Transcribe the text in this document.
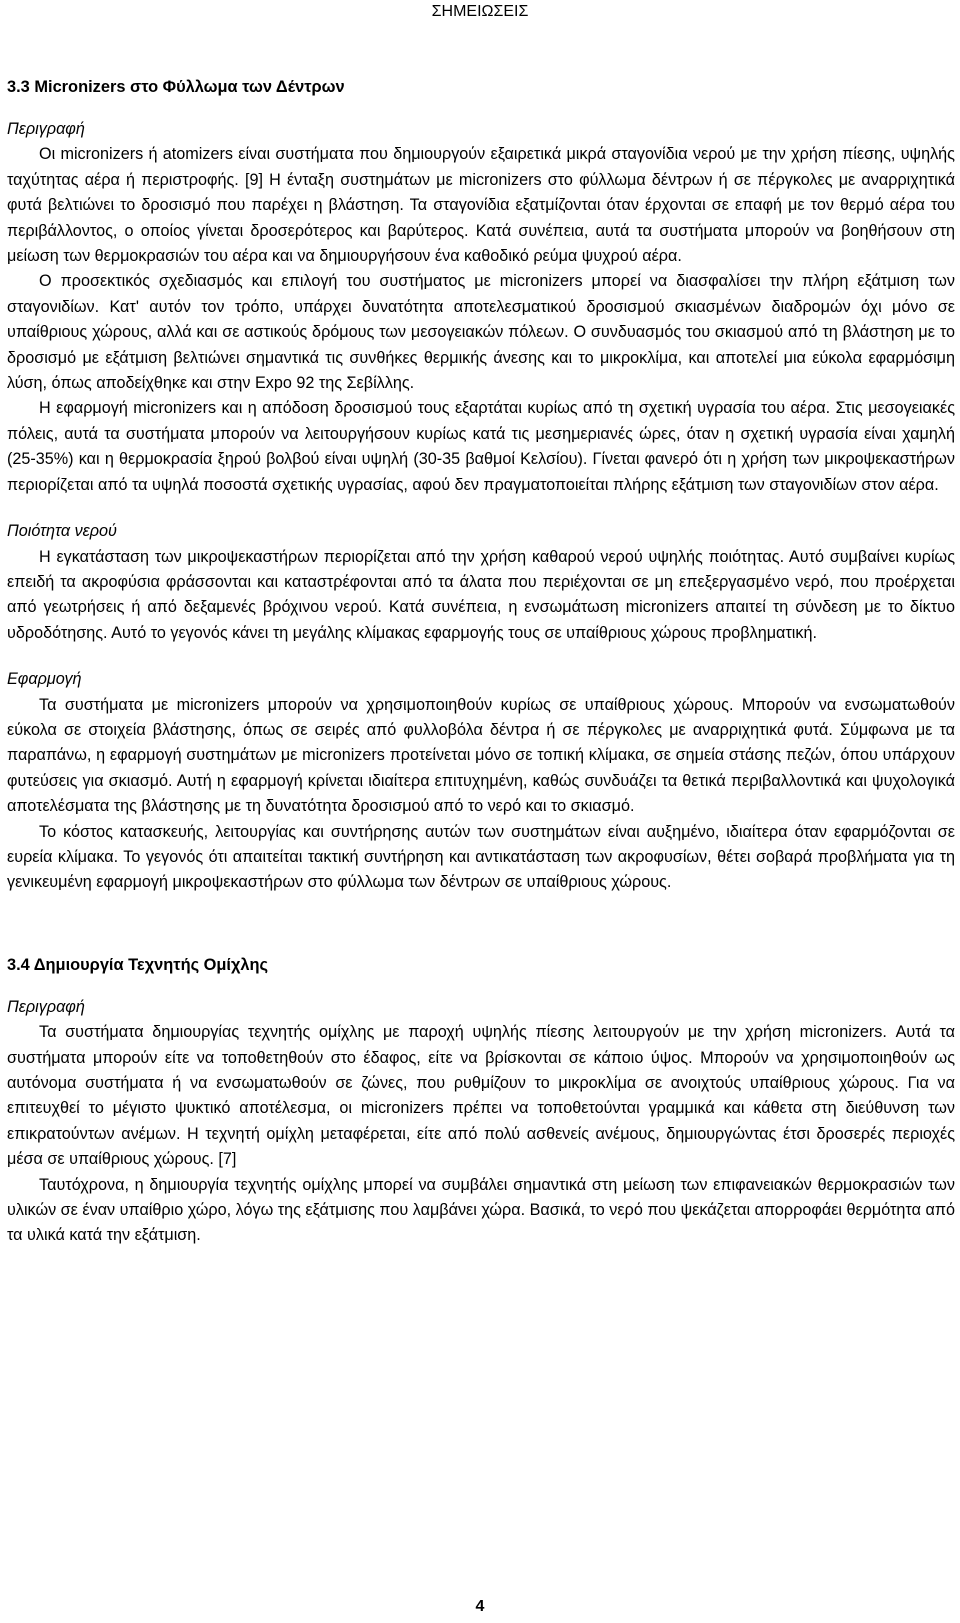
ΣΗΜΕΙΩΣΕΙΣ
3.3 Micronizers στο Φύλλωμα των Δέντρων
Περιγραφή

Οι micronizers ή atomizers είναι συστήματα που δημιουργούν εξαιρετικά μικρά σταγονίδια νερού με την χρήση πίεσης, υψηλής ταχύτητας αέρα ή περιστροφής. [9] Η ένταξη συστημάτων με micronizers στο φύλλωμα δέντρων ή σε πέργκολες με αναρριχητικά φυτά βελτιώνει το δροσισμό που παρέχει η βλάστηση. Τα σταγονίδια εξατμίζονται όταν έρχονται σε επαφή με τον θερμό αέρα του περιβάλλοντος, ο οποίος γίνεται δροσερότερος και βαρύτερος. Κατά συνέπεια, αυτά τα συστήματα μπορούν να βοηθήσουν στη μείωση των θερμοκρασιών του αέρα και να δημιουργήσουν ένα καθοδικό ρεύμα ψυχρού αέρα.

Ο προσεκτικός σχεδιασμός και επιλογή του συστήματος με micronizers μπορεί να διασφαλίσει την πλήρη εξάτμιση των σταγονιδίων. Κατ' αυτόν τον τρόπο, υπάρχει δυνατότητα αποτελεσματικού δροσισμού σκιασμένων διαδρομών όχι μόνο σε υπαίθριους χώρους, αλλά και σε αστικούς δρόμους των μεσογειακών πόλεων. Ο συνδυασμός του σκιασμού από τη βλάστηση με το δροσισμό με εξάτμιση βελτιώνει σημαντικά τις συνθήκες θερμικής άνεσης και το μικροκλίμα, και αποτελεί μια εύκολα εφαρμόσιμη λύση, όπως αποδείχθηκε και στην Expo 92 της Σεβίλλης.

Η εφαρμογή micronizers και η απόδοση δροσισμού τους εξαρτάται κυρίως από τη σχετική υγρασία του αέρα. Στις μεσογειακές πόλεις, αυτά τα συστήματα μπορούν να λειτουργήσουν κυρίως κατά τις μεσημεριανές ώρες, όταν η σχετική υγρασία είναι χαμηλή (25-35%) και η θερμοκρασία ξηρού βολβού είναι υψηλή (30-35 βαθμοί Κελσίου). Γίνεται φανερό ότι η χρήση των μικροψεκαστήρων περιορίζεται από τα υψηλά ποσοστά σχετικής υγρασίας, αφού δεν πραγματοποιείται πλήρης εξάτμιση των σταγονιδίων στον αέρα.

Ποιότητα νερού

Η εγκατάσταση των μικροψεκαστήρων περιορίζεται από την χρήση καθαρού νερού υψηλής ποιότητας. Αυτό συμβαίνει κυρίως επειδή τα ακροφύσια φράσσονται και καταστρέφονται από τα άλατα που περιέχονται σε μη επεξεργασμένο νερό, που προέρχεται από γεωτρήσεις ή από δεξαμενές βρόχινου νερού. Κατά συνέπεια, η ενσωμάτωση micronizers απαιτεί τη σύνδεση με το δίκτυο υδροδότησης. Αυτό το γεγονός κάνει τη μεγάλης κλίμακας εφαρμογής τους σε υπαίθριους χώρους προβληματική.

Εφαρμογή

Τα συστήματα με micronizers μπορούν να χρησιμοποιηθούν κυρίως σε υπαίθριους χώρους. Μπορούν να ενσωματωθούν εύκολα σε στοιχεία βλάστησης, όπως σε σειρές από φυλλοβόλα δέντρα ή σε πέργκολες με αναρριχητικά φυτά. Σύμφωνα με τα παραπάνω, η εφαρμογή συστημάτων με micronizers προτείνεται μόνο σε τοπική κλίμακα, σε σημεία στάσης πεζών, όπου υπάρχουν φυτεύσεις για σκιασμό. Αυτή η εφαρμογή κρίνεται ιδιαίτερα επιτυχημένη, καθώς συνδυάζει τα θετικά περιβαλλοντικά και ψυχολογικά αποτελέσματα της βλάστησης με τη δυνατότητα δροσισμού από το νερό και το σκιασμό.

Το κόστος κατασκευής, λειτουργίας και συντήρησης αυτών των συστημάτων είναι αυξημένο, ιδιαίτερα όταν εφαρμόζονται σε ευρεία κλίμακα. Το γεγονός ότι απαιτείται τακτική συντήρηση και αντικατάσταση των ακροφυσίων, θέτει σοβαρά προβλήματα για τη γενικευμένη εφαρμογή μικροψεκαστήρων στο φύλλωμα των δέντρων σε υπαίθριους χώρους.

3.4 Δημιουργία Τεχνητής Ομίχλης
Περιγραφή

Τα συστήματα δημιουργίας τεχνητής ομίχλης με παροχή υψηλής πίεσης λειτουργούν με την χρήση micronizers. Αυτά τα συστήματα μπορούν είτε να τοποθετηθούν στο έδαφος, είτε να βρίσκονται σε κάποιο ύψος. Μπορούν να χρησιμοποιηθούν ως αυτόνομα συστήματα ή να ενσωματωθούν σε ζώνες, που ρυθμίζουν το μικροκλίμα σε ανοιχτούς υπαίθριους χώρους. Για να επιτευχθεί το μέγιστο ψυκτικό αποτέλεσμα, οι micronizers πρέπει να τοποθετούνται γραμμικά και κάθετα στη διεύθυνση των επικρατούντων ανέμων. Η τεχνητή ομίχλη μεταφέρεται, είτε από πολύ ασθενείς ανέμους, δημιουργώντας έτσι δροσερές περιοχές μέσα σε υπαίθριους χώρους. [7]

Ταυτόχρονα, η δημιουργία τεχνητής ομίχλης μπορεί να συμβάλει σημαντικά στη μείωση των επιφανειακών θερμοκρασιών των υλικών σε έναν υπαίθριο χώρο, λόγω της εξάτμισης που λαμβάνει χώρα. Βασικά, το νερό που ψεκάζεται απορροφάει θερμότητα από τα υλικά κατά την εξάτμιση.

4
